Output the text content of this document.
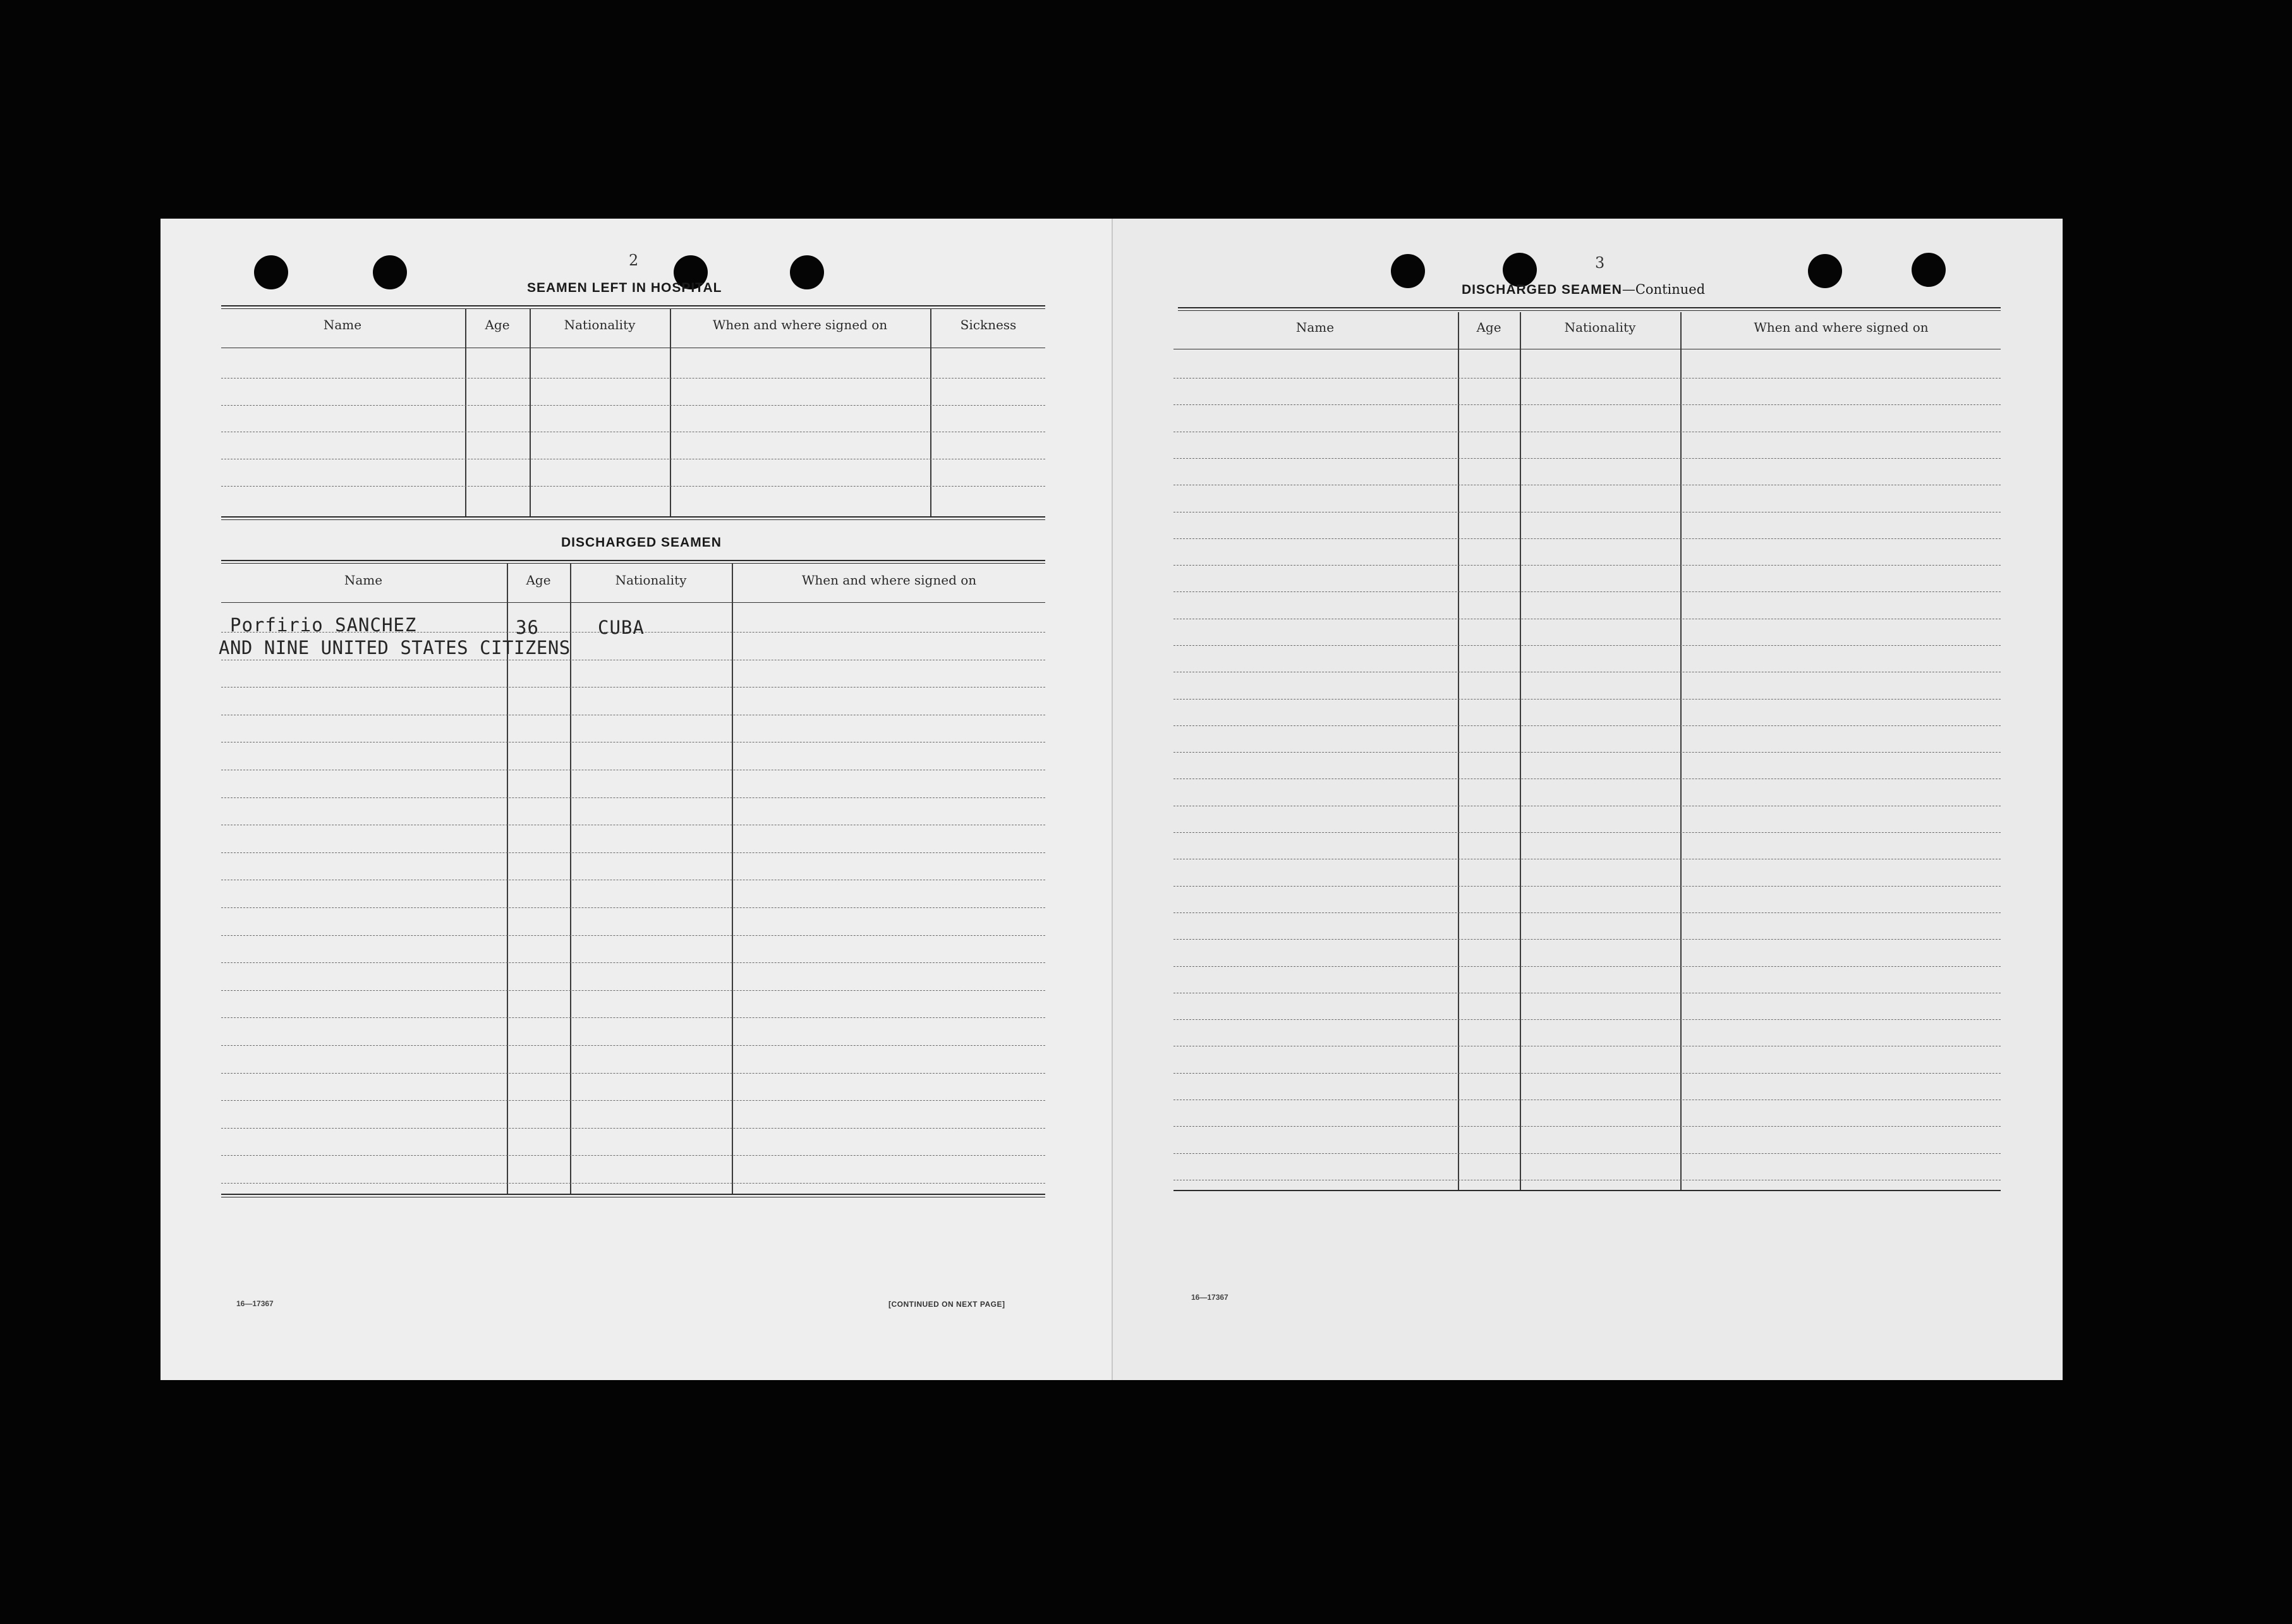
2
SEAMEN LEFT IN HOSPITAL
Name	Age	Nationality	When and where signed on	Sickness
DISCHARGED SEAMEN
Name	Age	Nationality	When and where signed on
Porfirio SANCHEZ	36	CUBA
AND NINE UNITED STATES CITIZENS
16—17367	[CONTINUED ON NEXT PAGE]
3
DISCHARGED SEAMEN—Continued
Name	Age	Nationality	When and where signed on
16—17367
